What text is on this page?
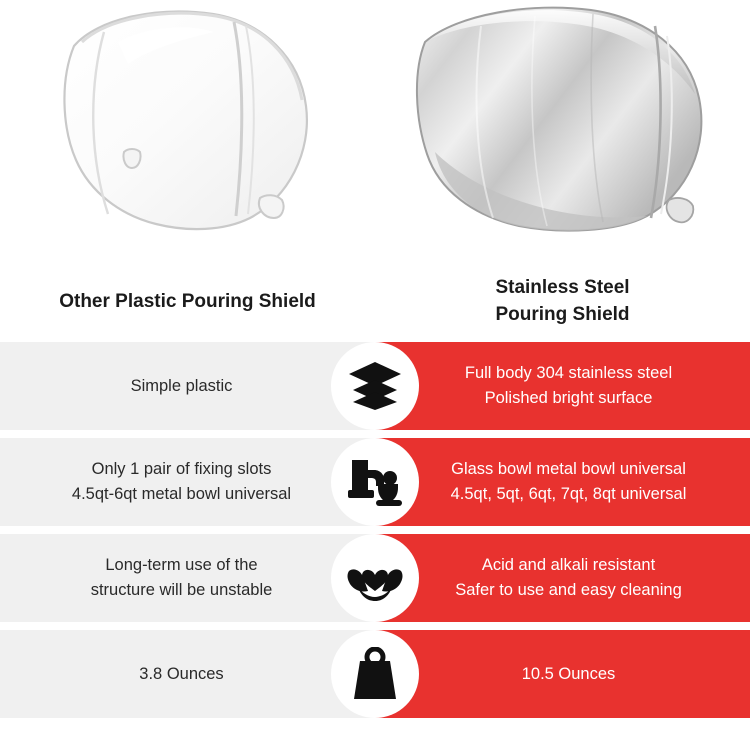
Other Plastic Pouring Shield
Stainless Steel
Pouring Shield
Simple plastic
Full body 304 stainless steel
Polished bright surface
Only 1 pair of fixing slots
4.5qt-6qt metal bowl universal
Glass bowl metal bowl universal
4.5qt, 5qt, 6qt, 7qt, 8qt universal
Long-term use of the
structure will be unstable
Acid and alkali resistant
Safer to use and easy cleaning
3.8 Ounces	10.5 Ounces
